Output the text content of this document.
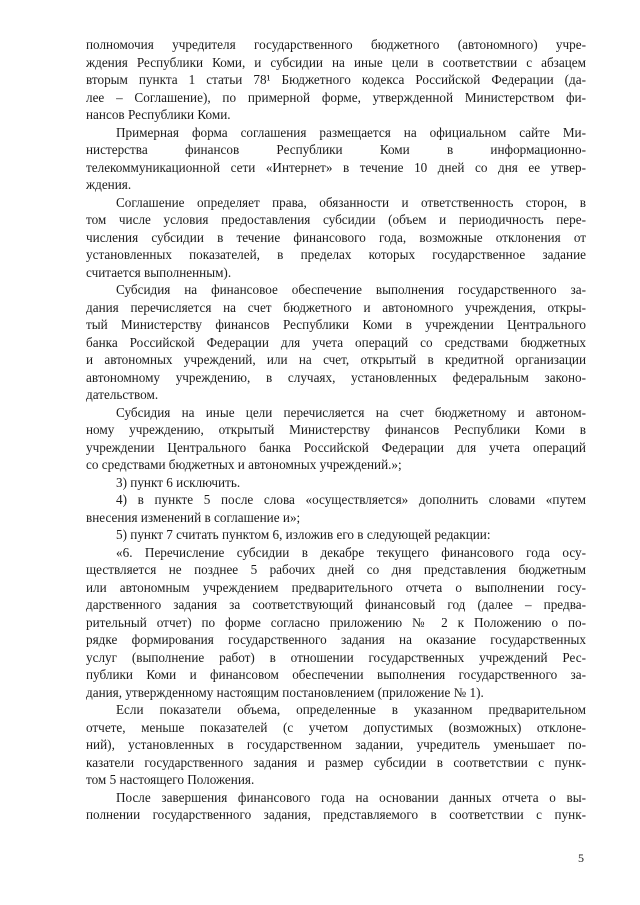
полномочия учредителя государственного бюджетного (автономного) учре-
ждения Республики Коми, и субсидии на иные цели в соответствии с абзацем
вторым пункта 1 статьи 78¹ Бюджетного кодекса Российской Федерации (да-
лее – Соглашение), по примерной форме, утвержденной Министерством фи-
нансов Республики Коми.
Примерная форма соглашения размещается на официальном сайте Ми-
нистерства финансов Республики Коми в информационно-
телекоммуникационной сети «Интернет» в течение 10 дней со дня ее утвер-
ждения.
Соглашение определяет права, обязанности и ответственность сторон, в
том числе условия предоставления субсидии (объем и периодичность пере-
числения субсидии в течение финансового года, возможные отклонения от
установленных показателей, в пределах которых государственное задание
считается выполненным).
Субсидия на финансовое обеспечение выполнения государственного за-
дания перечисляется на счет бюджетного и автономного учреждения, откры-
тый Министерству финансов Республики Коми в учреждении Центрального
банка Российской Федерации для учета операций со средствами бюджетных
и автономных учреждений, или на счет, открытый в кредитной организации
автономному учреждению, в случаях, установленных федеральным законо-
дательством.
Субсидия на иные цели перечисляется на счет бюджетному и автоном-
ному учреждению, открытый Министерству финансов Республики Коми в
учреждении Центрального банка Российской Федерации для учета операций
со средствами бюджетных и автономных учреждений.»;
3) пункт 6 исключить.
4) в пункте 5 после слова «осуществляется» дополнить словами «путем
внесения изменений в соглашение и»;
5) пункт 7 считать пунктом 6, изложив его в следующей редакции:
«6. Перечисление субсидии в декабре текущего финансового года осу-
ществляется не позднее 5 рабочих дней со дня представления бюджетным
или автономным учреждением предварительного отчета о выполнении госу-
дарственного задания за соответствующий финансовый год (далее – предва-
рительный отчет) по форме согласно приложению № 2 к Положению о по-
рядке формирования государственного задания на оказание государственных
услуг (выполнение работ) в отношении государственных учреждений Рес-
публики Коми и финансовом обеспечении выполнения государственного за-
дания, утвержденному настоящим постановлением (приложение № 1).
Если показатели объема, определенные в указанном предварительном
отчете, меньше показателей (с учетом допустимых (возможных) отклоне-
ний), установленных в государственном задании, учредитель уменьшает по-
казатели государственного задания и размер субсидии в соответствии с пунк-
том 5 настоящего Положения.
После завершения финансового года на основании данных отчета о вы-
полнении государственного задания, представляемого в соответствии с пунк-
5
